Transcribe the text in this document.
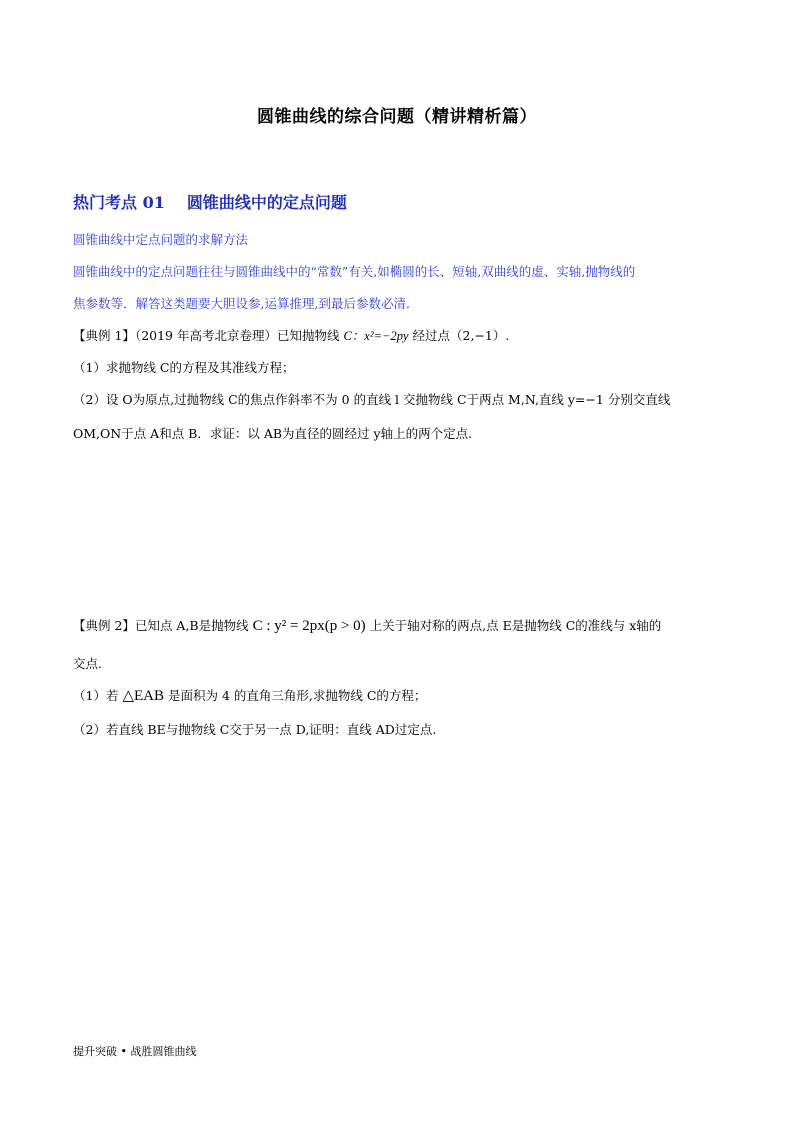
圆锥曲线的综合问题（精讲精析篇）
热门考点 01 圆锥曲线中的定点问题
圆锥曲线中定点问题的求解方法
圆锥曲线中的定点问题往往与圆锥曲线中的“常数”有关,如椭圆的长、短轴,双曲线的虚、实轴,抛物线的
焦参数等．解答这类题要大胆设参,运算推理,到最后参数必清.
【典例 1】（2019 年高考北京卷理）已知抛物线 C：x²=−2py 经过点（2,−1）.
（1）求抛物线 C的方程及其准线方程；
（2）设 O为原点,过抛物线 C的焦点作斜率不为 0 的直线 l 交抛物线 C于两点 M,N,直线 y=−1 分别交直线
OM,ON于点 A和点 B．求证：以 AB为直径的圆经过 y轴上的两个定点.
【典例 2】已知点 A,B是抛物线 C : y² = 2px(p > 0) 上关于轴对称的两点,点 E是抛物线 C的准线与 x轴的
交点.
（1）若 △EAB 是面积为 4 的直角三角形,求抛物线 C的方程；
（2）若直线 BE与抛物线 C交于另一点 D,证明：直线 AD过定点.
提升突破 • 战胜圆锥曲线
